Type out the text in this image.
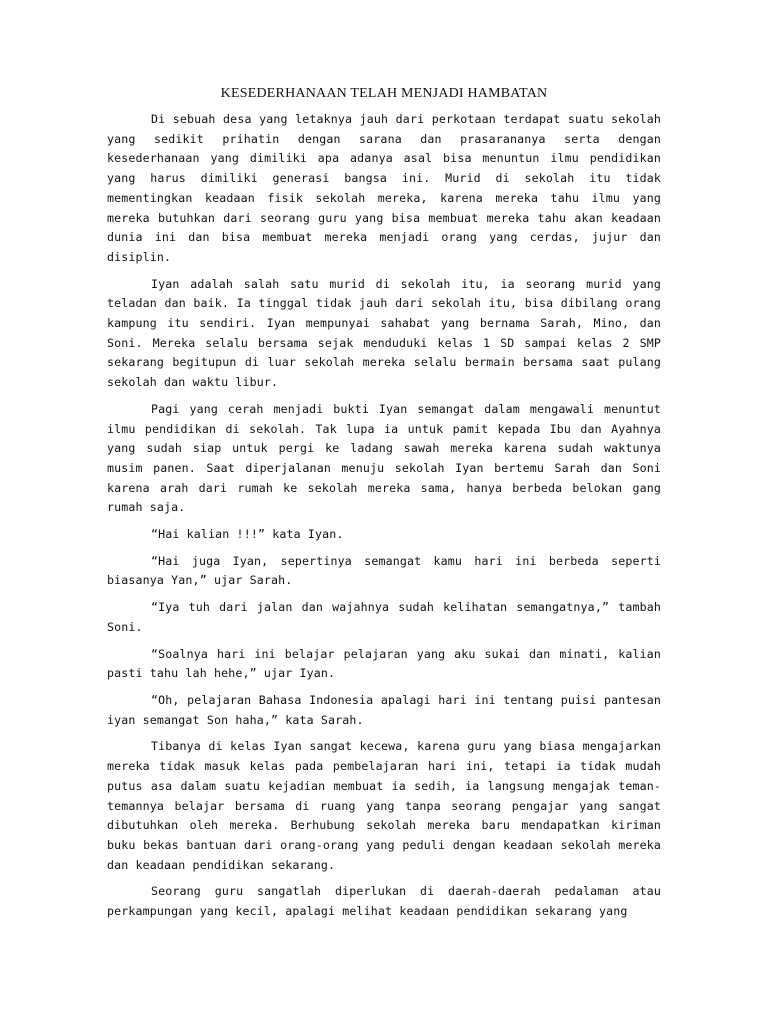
KESEDERHANAAN TELAH MENJADI HAMBATAN

Di sebuah desa yang letaknya jauh dari perkotaan terdapat suatu sekolah yang sedikit prihatin dengan sarana dan prasarananya serta dengan kesederhanaan yang dimiliki apa adanya asal bisa menuntun ilmu pendidikan yang harus dimiliki generasi bangsa ini. Murid di sekolah itu tidak mementingkan keadaan fisik sekolah mereka, karena mereka tahu ilmu yang mereka butuhkan dari seorang guru yang bisa membuat mereka tahu akan keadaan dunia ini dan bisa membuat mereka menjadi orang yang cerdas, jujur dan disiplin.

Iyan adalah salah satu murid di sekolah itu, ia seorang murid yang teladan dan baik. Ia tinggal tidak jauh dari sekolah itu, bisa dibilang orang kampung itu sendiri. Iyan mempunyai sahabat yang bernama Sarah, Mino, dan Soni. Mereka selalu bersama sejak menduduki kelas 1 SD sampai kelas 2 SMP sekarang begitupun di luar sekolah mereka selalu bermain bersama saat pulang sekolah dan waktu libur.

Pagi yang cerah menjadi bukti Iyan semangat dalam mengawali menuntut ilmu pendidikan di sekolah. Tak lupa ia untuk pamit kepada Ibu dan Ayahnya yang sudah siap untuk pergi ke ladang sawah mereka karena sudah waktunya musim panen. Saat diperjalanan menuju sekolah Iyan bertemu Sarah dan Soni karena arah dari rumah ke sekolah mereka sama, hanya berbeda belokan gang rumah saja.

“Hai kalian !!!” kata Iyan.

“Hai juga Iyan, sepertinya semangat kamu hari ini berbeda seperti biasanya Yan,” ujar Sarah.

“Iya tuh dari jalan dan wajahnya sudah kelihatan semangatnya,” tambah Soni.

“Soalnya hari ini belajar pelajaran yang aku sukai dan minati, kalian pasti tahu lah hehe,” ujar Iyan.

“Oh, pelajaran Bahasa Indonesia apalagi hari ini tentang puisi pantesan iyan semangat Son haha,” kata Sarah.

Tibanya di kelas Iyan sangat kecewa, karena guru yang biasa mengajarkan mereka tidak masuk kelas pada pembelajaran hari ini, tetapi ia tidak mudah putus asa dalam suatu kejadian membuat ia sedih, ia langsung mengajak teman-temannya belajar bersama di ruang yang tanpa seorang pengajar yang sangat dibutuhkan oleh mereka. Berhubung sekolah mereka baru mendapatkan kiriman buku bekas bantuan dari orang-orang yang peduli dengan keadaan sekolah mereka dan keadaan pendidikan sekarang.

Seorang guru sangatlah diperlukan di daerah-daerah pedalaman atau perkampungan yang kecil, apalagi melihat keadaan pendidikan sekarang yang
